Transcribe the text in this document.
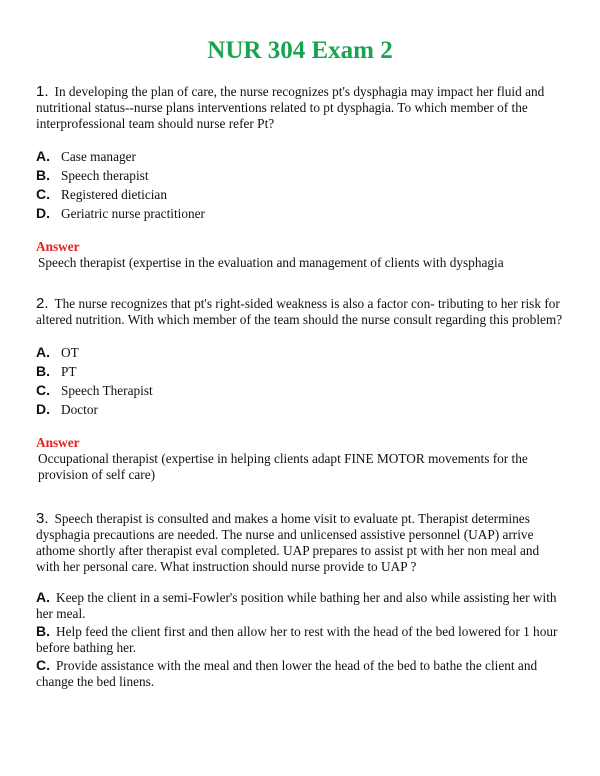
NUR 304 Exam 2
1. In developing the plan of care, the nurse recognizes pt's dysphagia may impact her fluid and nutritional status--nurse plans interventions related to pt dysphagia. To which member of the interprofessional team should nurse refer Pt?
A. Case manager
B. Speech therapist
C. Registered dietician
D. Geriatric nurse practitioner
Answer
Speech therapist (expertise in the evaluation and management of clients with dysphagia
2. The nurse recognizes that pt's right-sided weakness is also a factor con- tributing to her risk for altered nutrition. With which member of the team should the nurse consult regarding this problem?
A. OT
B. PT
C. Speech Therapist
D. Doctor
Answer
Occupational therapist (expertise in helping clients adapt FINE MOTOR movements for the provision of self care)
3. Speech therapist is consulted and makes a home visit to evaluate pt. Therapist determines dysphagia precautions are needed. The nurse and unlicensed assistive personnel (UAP) arrive athome shortly after therapist eval completed. UAP prepares to assist pt with her non meal and with her personal care. What instruction should nurse provide to UAP ?
A. Keep the client in a semi-Fowler's position while bathing her and also while assisting her with her meal.
B. Help feed the client first and then allow her to rest with the head of the bed lowered for 1 hour before bathing her.
C. Provide assistance with the meal and then lower the head of the bed to bathe the client and change the bed linens.
